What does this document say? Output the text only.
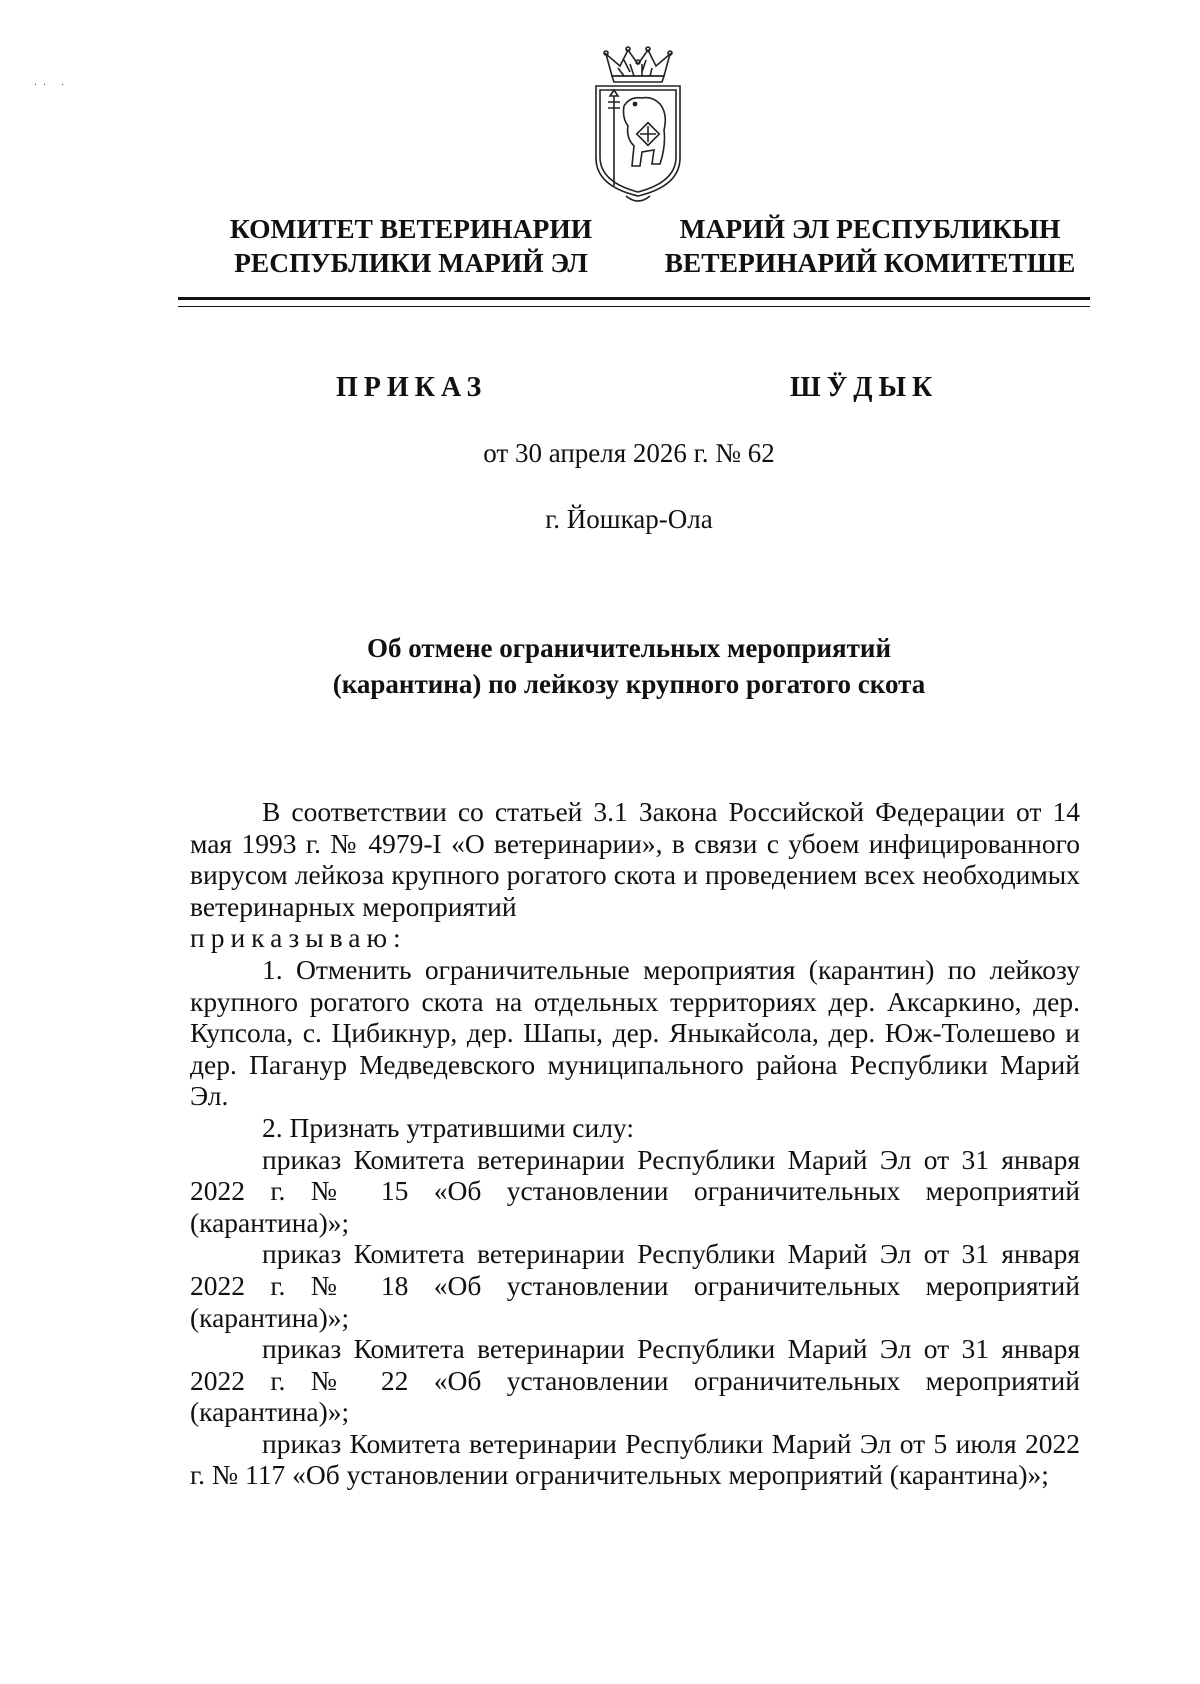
.. .
КОМИТЕТ ВЕТЕРИНАРИИ
РЕСПУБЛИКИ МАРИЙ ЭЛ
МАРИЙ ЭЛ РЕСПУБЛИКЫН
ВЕТЕРИНАРИЙ КОМИТЕТШЕ
ПРИКАЗ	ШӰДЫК
от 30 апреля 2026 г. № 62
г. Йошкар-Ола
Об отмене ограничительных мероприятий
(карантина) по лейкозу крупного рогатого скота

В соответствии со статьей 3.1 Закона Российской Федерации от 14 мая 1993 г. № 4979-I «О ветеринарии», в связи с убоем инфицированного вирусом лейкоза крупного рогатого скота и проведением всех необходимых ветеринарных мероприятий

приказываю:

1. Отменить ограничительные мероприятия (карантин) по лейкозу крупного рогатого скота на отдельных территориях дер. Аксаркино, дер. Купсола, с. Цибикнур, дер. Шапы, дер. Яныкайсола, дер. Юж-Толешево и дер. Паганур Медведевского муниципального района Республики Марий Эл.

2. Признать утратившими силу:

приказ Комитета ветеринарии Республики Марий Эл от 31 января 2022 г. № 15 «Об установлении ограничительных мероприятий (карантина)»;

приказ Комитета ветеринарии Республики Марий Эл от 31 января 2022 г. № 18 «Об установлении ограничительных мероприятий (карантина)»;

приказ Комитета ветеринарии Республики Марий Эл от 31 января 2022 г. № 22 «Об установлении ограничительных мероприятий (карантина)»;

приказ Комитета ветеринарии Республики Марий Эл от 5 июля 2022 г. № 117 «Об установлении ограничительных мероприятий (карантина)»;
